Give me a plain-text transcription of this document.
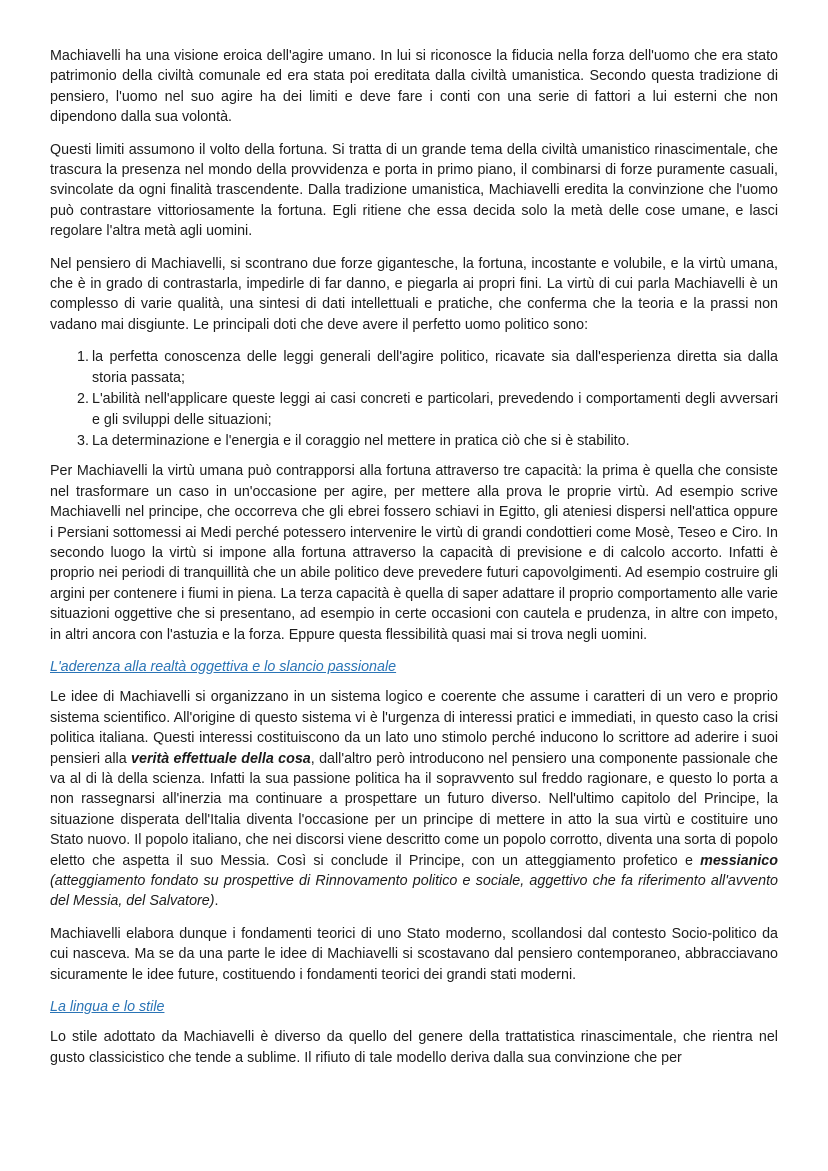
Machiavelli ha una visione eroica dell'agire umano. In lui si riconosce la fiducia nella forza dell'uomo che era stato patrimonio della civiltà comunale ed era stata poi ereditata dalla civiltà umanistica. Secondo questa tradizione di pensiero, l'uomo nel suo agire ha dei limiti e deve fare i conti con una serie di fattori a lui esterni che non dipendono dalla sua volontà.

Questi limiti assumono il volto della fortuna. Si tratta di un grande tema della civiltà umanistico rinascimentale, che trascura la presenza nel mondo della provvidenza e porta in primo piano, il combinarsi di forze puramente casuali, svincolate da ogni finalità trascendente. Dalla tradizione umanistica, Machiavelli eredita la convinzione che l'uomo può contrastare vittoriosamente la fortuna. Egli ritiene che essa decida solo la metà delle cose umane, e lasci regolare l'altra metà agli uomini.

Nel pensiero di Machiavelli, si scontrano due forze gigantesche, la fortuna, incostante e volubile, e la virtù umana, che è in grado di contrastarla, impedirle di far danno, e piegarla ai propri fini. La virtù di cui parla Machiavelli è un complesso di varie qualità, una sintesi di dati intellettuali e pratiche, che conferma che la teoria e la prassi non vadano mai disgiunte. Le principali doti che deve avere il perfetto uomo politico sono:

1. la perfetta conoscenza delle leggi generali dell'agire politico, ricavate sia dall'esperienza diretta sia dalla storia passata;
2. L'abilità nell'applicare queste leggi ai casi concreti e particolari, prevedendo i comportamenti degli avversari e gli sviluppi delle situazioni;
3. La determinazione e l'energia e il coraggio nel mettere in pratica ciò che si è stabilito.

Per Machiavelli la virtù umana può contrapporsi alla fortuna attraverso tre capacità: la prima è quella che consiste nel trasformare un caso in un'occasione per agire, per mettere alla prova le proprie virtù. Ad esempio scrive Machiavelli nel principe, che occorreva che gli ebrei fossero schiavi in Egitto, gli ateniesi dispersi nell'attica oppure i Persiani sottomessi ai Medi perché potessero intervenire le virtù di grandi condottieri come Mosè, Teseo e Ciro. In secondo luogo la virtù si impone alla fortuna attraverso la capacità di previsione e di calcolo accorto. Infatti è proprio nei periodi di tranquillità che un abile politico deve prevedere futuri capovolgimenti. Ad esempio costruire gli argini per contenere i fiumi in piena. La terza capacità è quella di saper adattare il proprio comportamento alle varie situazioni oggettive che si presentano, ad esempio in certe occasioni con cautela e prudenza, in altre con impeto, in altri ancora con l'astuzia e la forza. Eppure questa flessibilità quasi mai si trova negli uomini.

L'aderenza alla realtà oggettiva e lo slancio passionale

Le idee di Machiavelli si organizzano in un sistema logico e coerente che assume i caratteri di un vero e proprio sistema scientifico. All'origine di questo sistema vi è l'urgenza di interessi pratici e immediati, in questo caso la crisi politica italiana. Questi interessi costituiscono da un lato uno stimolo perché inducono lo scrittore ad aderire i suoi pensieri alla verità effettuale della cosa, dall'altro però introducono nel pensiero una componente passionale che va al di là della scienza. Infatti la sua passione politica ha il sopravvento sul freddo ragionare, e questo lo porta a non rassegnarsi all'inerzia ma continuare a prospettare un futuro diverso. Nell'ultimo capitolo del Principe, la situazione disperata dell'Italia diventa l'occasione per un principe di mettere in atto la sua virtù e costituire uno Stato nuovo. Il popolo italiano, che nei discorsi viene descritto come un popolo corrotto, diventa una sorta di popolo eletto che aspetta il suo Messia. Così si conclude il Principe, con un atteggiamento profetico e messianico (atteggiamento fondato su prospettive di Rinnovamento politico e sociale, aggettivo che fa riferimento all'avvento del Messia, del Salvatore).

Machiavelli elabora dunque i fondamenti teorici di uno Stato moderno, scollandosi dal contesto Socio-politico da cui nasceva. Ma se da una parte le idee di Machiavelli si scostavano dal pensiero contemporaneo, abbracciavano sicuramente le idee future, costituendo i fondamenti teorici dei grandi stati moderni.

La lingua e lo stile

Lo stile adottato da Machiavelli è diverso da quello del genere della trattatistica rinascimentale, che rientra nel gusto classicistico che tende a sublime. Il rifiuto di tale modello deriva dalla sua convinzione che per
